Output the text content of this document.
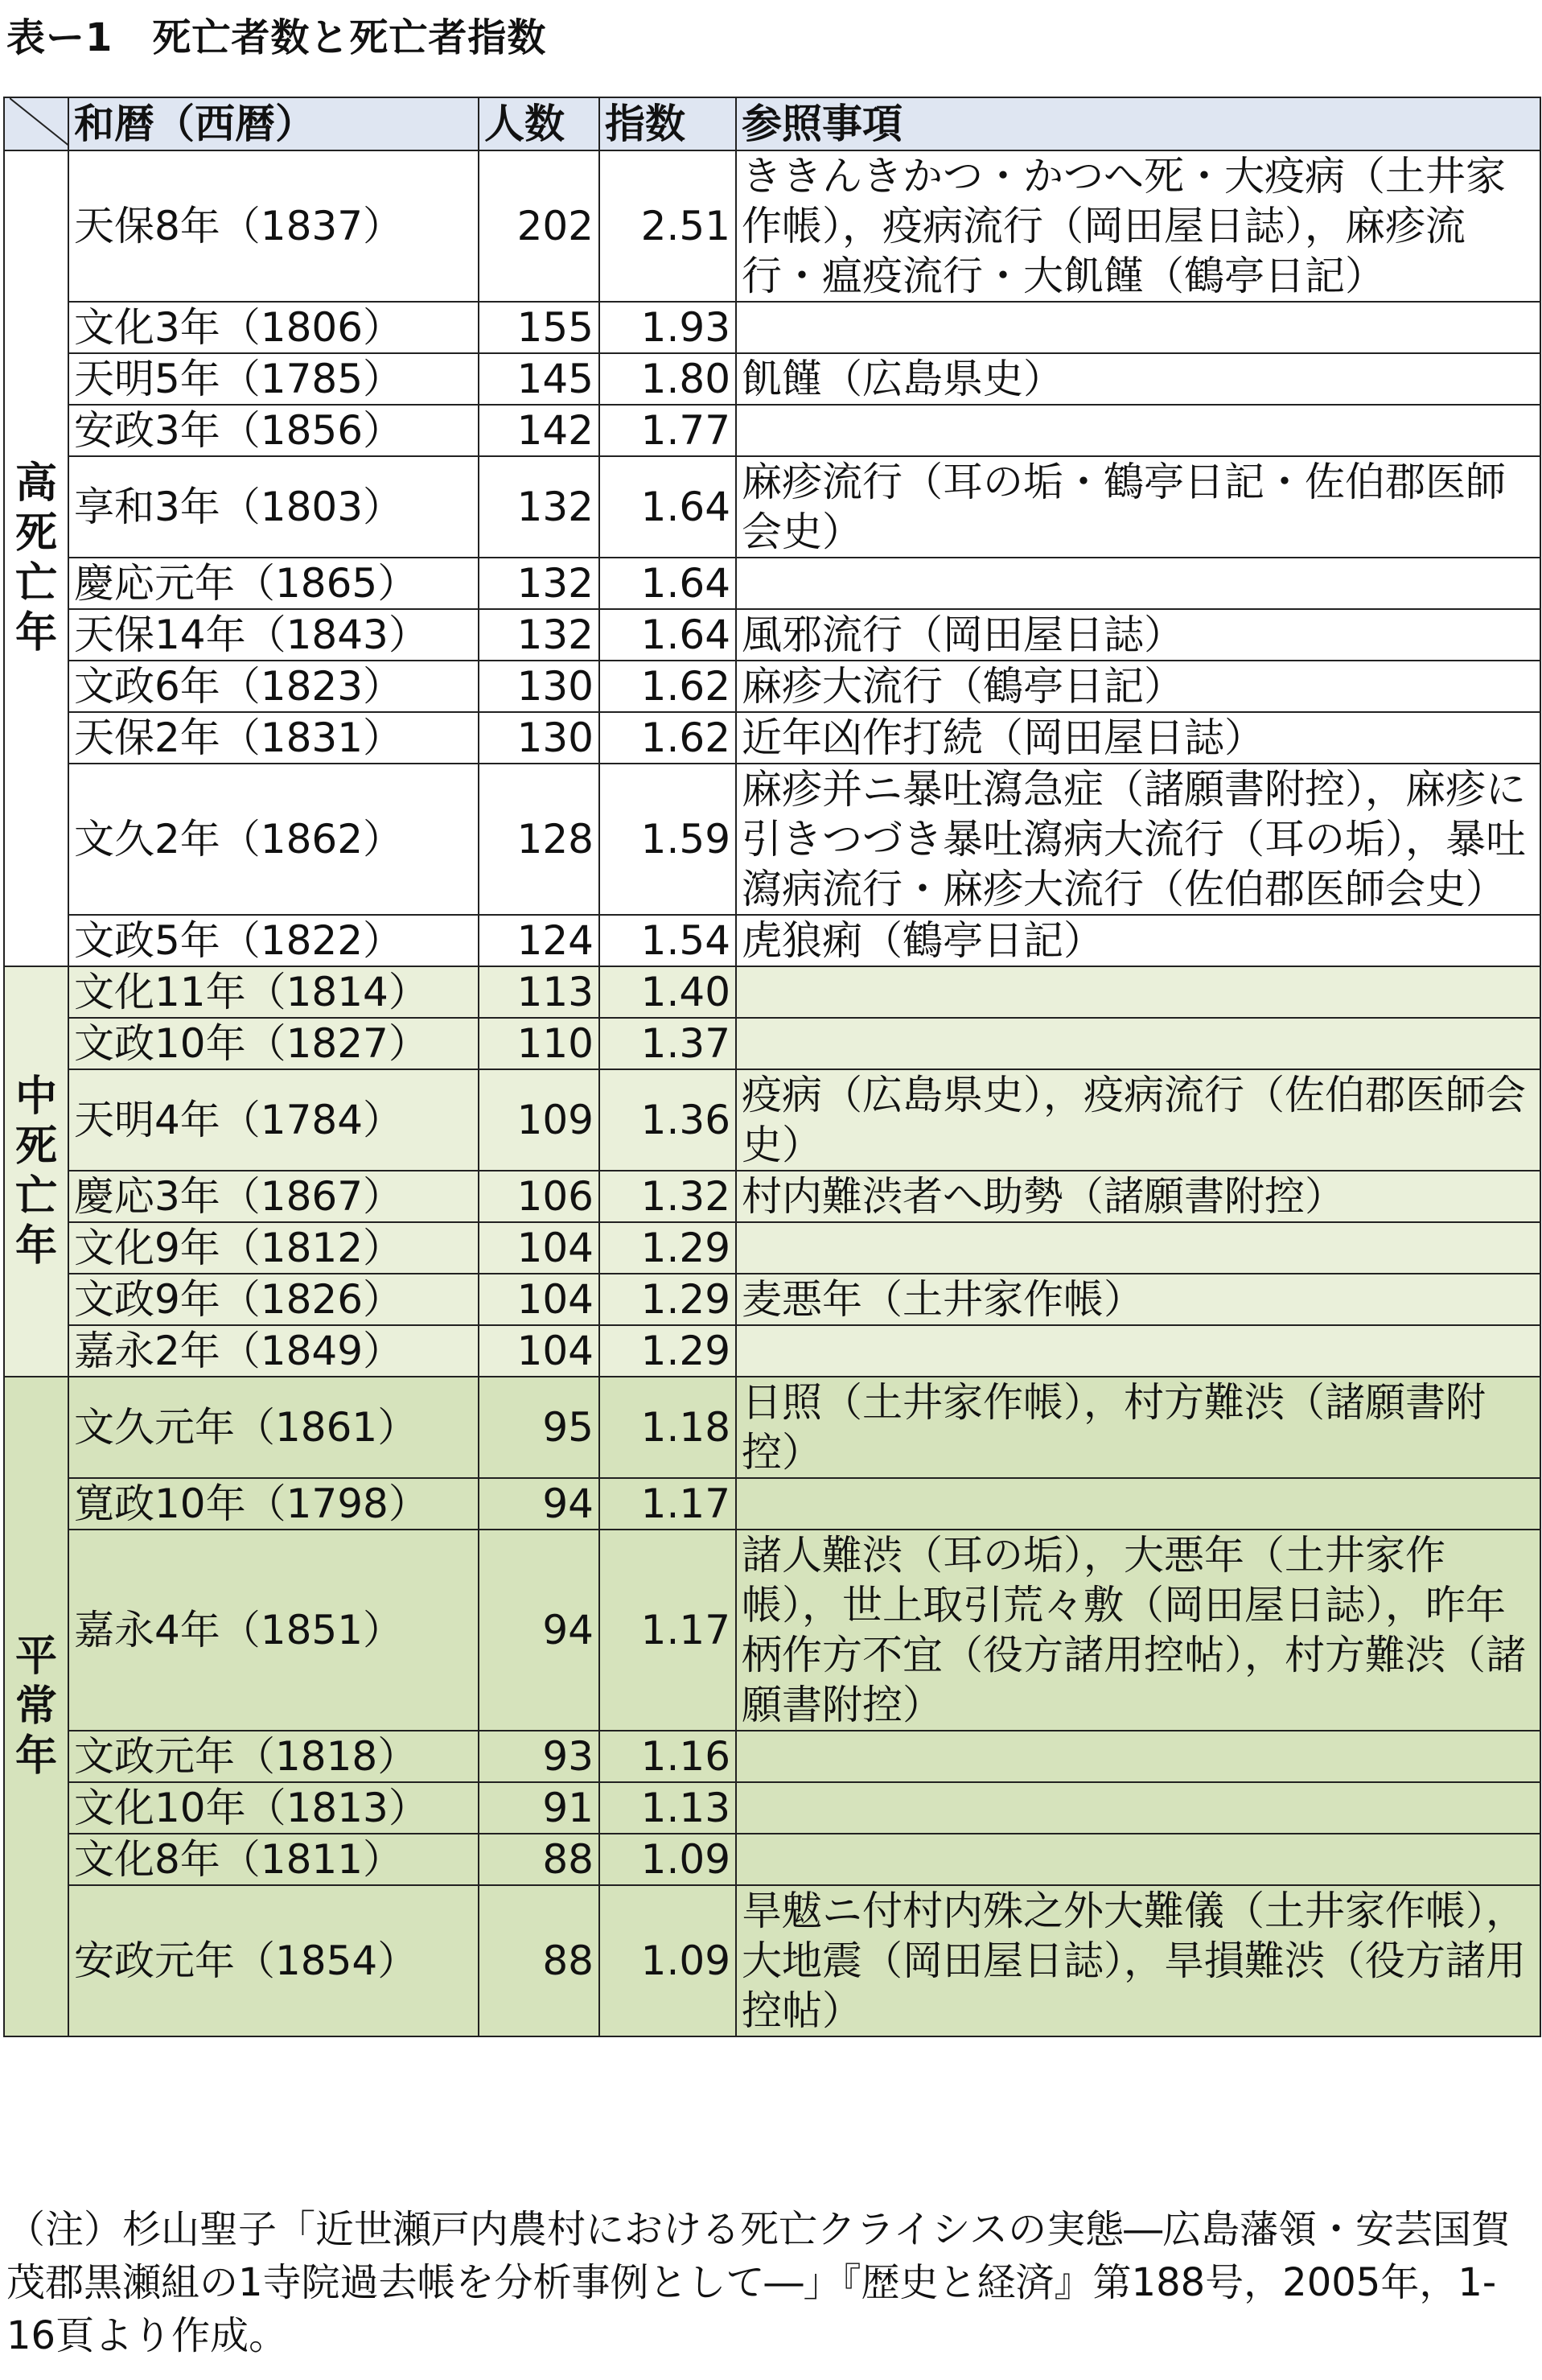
表ー1　死亡者数と死亡者指数
	和暦（西暦）	人数	指数	参照事項
高死亡年	天保8年（1837）	202	2.51	ききんきかつ・かつへ死・大疫病（土井家作帳），疫病流行（岡田屋日誌），麻疹流行・瘟疫流行・大飢饉（鶴亭日記）
	文化3年（1806）	155	1.93	
	天明5年（1785）	145	1.80	飢饉（広島県史）
	安政3年（1856）	142	1.77	
	享和3年（1803）	132	1.64	麻疹流行（耳の垢・鶴亭日記・佐伯郡医師会史）
	慶応元年（1865）	132	1.64	
	天保14年（1843）	132	1.64	風邪流行（岡田屋日誌）
	文政6年（1823）	130	1.62	麻疹大流行（鶴亭日記）
	天保2年（1831）	130	1.62	近年凶作打続（岡田屋日誌）
	文久2年（1862）	128	1.59	麻疹并ニ暴吐瀉急症（諸願書附控），麻疹に引きつづき暴吐瀉病大流行（耳の垢），暴吐瀉病流行・麻疹大流行（佐伯郡医師会史）
	文政5年（1822）	124	1.54	虎狼痢（鶴亭日記）
中死亡年	文化11年（1814）	113	1.40	
	文政10年（1827）	110	1.37	
	天明4年（1784）	109	1.36	疫病（広島県史），疫病流行（佐伯郡医師会史）
	慶応3年（1867）	106	1.32	村内難渋者へ助勢（諸願書附控）
	文化9年（1812）	104	1.29	
	文政9年（1826）	104	1.29	麦悪年（土井家作帳）
	嘉永2年（1849）	104	1.29	
平常年	文久元年（1861）	95	1.18	日照（土井家作帳），村方難渋（諸願書附控）
	寛政10年（1798）	94	1.17	
	嘉永4年（1851）	94	1.17	諸人難渋（耳の垢），大悪年（土井家作帳），世上取引荒々敷（岡田屋日誌），昨年柄作方不宜（役方諸用控帖），村方難渋（諸願書附控）
	文政元年（1818）	93	1.16	
	文化10年（1813）	91	1.13	
	文化8年（1811）	88	1.09	
	安政元年（1854）	88	1.09	旱魃ニ付村内殊之外大難儀（土井家作帳），大地震（岡田屋日誌），旱損難渋（役方諸用控帖）
（注）杉山聖子「近世瀬戸内農村における死亡クライシスの実態―広島藩領・安芸国賀茂郡黒瀬組の1寺院過去帳を分析事例として―」『歴史と経済』第188号，2005年，1-16頁より作成。
